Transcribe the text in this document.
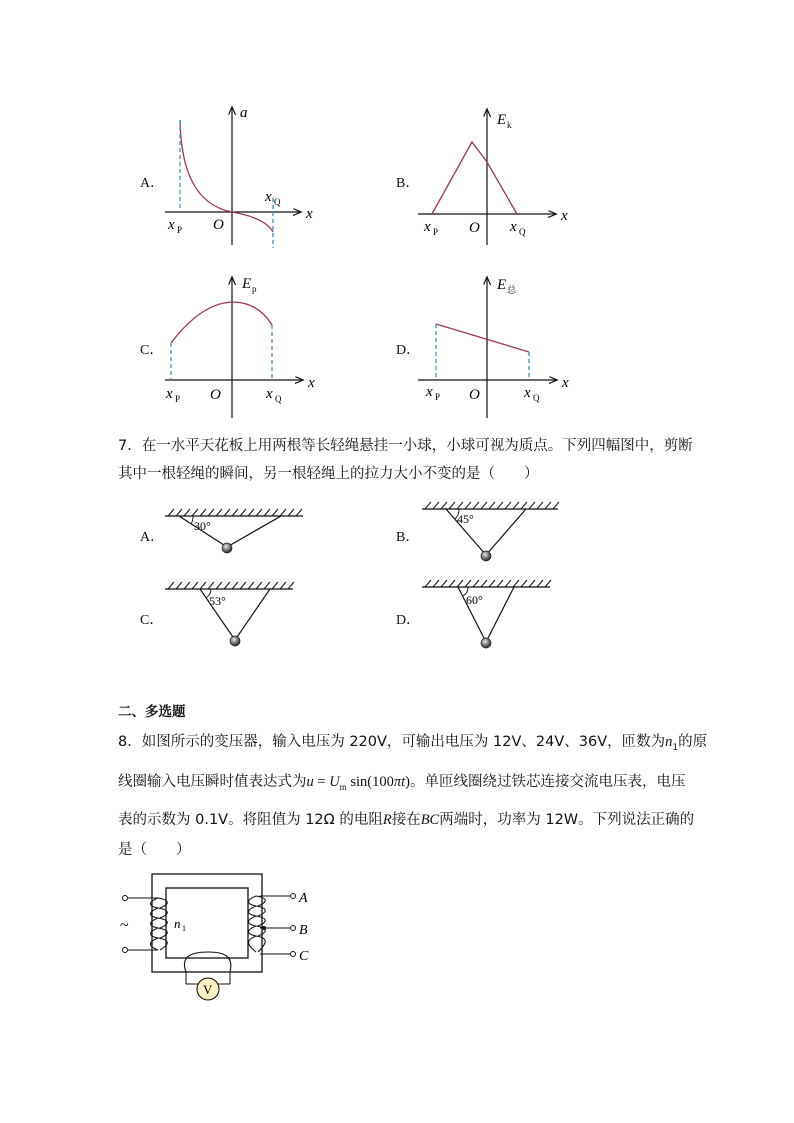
A．	B．
C．	D．
a
x
O
x P
x Q
E k
x
O
x P	x Q
E p
x
O
x P	x Q
E 总
x
O
x P	x Q
7．在一水平天花板上用两根等长轻绳悬挂一小球，小球可视为质点。下列四幅图中，剪断
其中一根轻绳的瞬间，另一根轻绳上的拉力大小不变的是（　　）
A．	B．
C．	D．
30°	45°
53°	60°
二、多选题
8．如图所示的变压器，输入电压为 220V，可输出电压为 12V、24V、36V，匝数为$n_1$的原
线圈输入电压瞬时值表达式为$u = U_m$ sin(100πt)。单匝线圈绕过铁芯连接交流电压表，电压
表的示数为 0.1V。将阻值为 12Ω 的电阻R接在BC两端时，功率为 12W。下列说法正确的
是（　　）
~	n 1
A
B
C
V
